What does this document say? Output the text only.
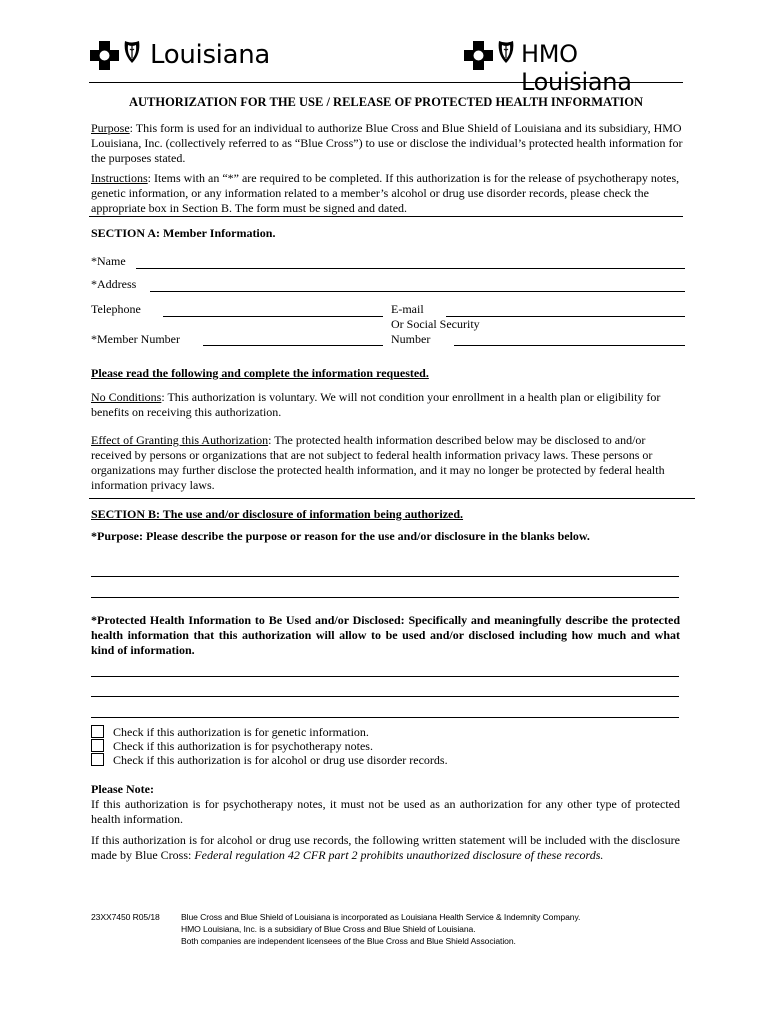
Louisiana	HMO Louisiana
AUTHORIZATION FOR THE USE / RELEASE OF PROTECTED HEALTH INFORMATION
Purpose: This form is used for an individual to authorize Blue Cross and Blue Shield of Louisiana and its subsidiary, HMO Louisiana, Inc. (collectively referred to as “Blue Cross”) to use or disclose the individual’s protected health information for the purposes stated.
Instructions: Items with an “*” are required to be completed. If this authorization is for the release of psychotherapy notes, genetic information, or any information related to a member’s alcohol or drug use disorder records, please check the appropriate box in Section B. The form must be signed and dated.
SECTION A: Member Information.
*Name
*Address
Telephone	E-mail
Or Social Security
Number
*Member Number
Please read the following and complete the information requested.
No Conditions: This authorization is voluntary. We will not condition your enrollment in a health plan or eligibility for benefits on receiving this authorization.
Effect of Granting this Authorization: The protected health information described below may be disclosed to and/or received by persons or organizations that are not subject to federal health information privacy laws. These persons or organizations may further disclose the protected health information, and it may no longer be protected by federal health information privacy laws.
SECTION B: The use and/or disclosure of information being authorized.
*Purpose: Please describe the purpose or reason for the use and/or disclosure in the blanks below.
*Protected Health Information to Be Used and/or Disclosed: Specifically and meaningfully describe the protected health information that this authorization will allow to be used and/or disclosed including how much and what kind of information.
Check if this authorization is for genetic information.
Check if this authorization is for psychotherapy notes.
Check if this authorization is for alcohol or drug use disorder records.
Please Note:
If this authorization is for psychotherapy notes, it must not be used as an authorization for any other type of protected health information.
If this authorization is for alcohol or drug use records, the following written statement will be included with the disclosure made by Blue Cross: Federal regulation 42 CFR part 2 prohibits unauthorized disclosure of these records.
23XX7450 R05/18 Blue Cross and Blue Shield of Louisiana is incorporated as Louisiana Health Service & Indemnity Company.
HMO Louisiana, Inc. is a subsidiary of Blue Cross and Blue Shield of Louisiana.
Both companies are independent licensees of the Blue Cross and Blue Shield Association.
